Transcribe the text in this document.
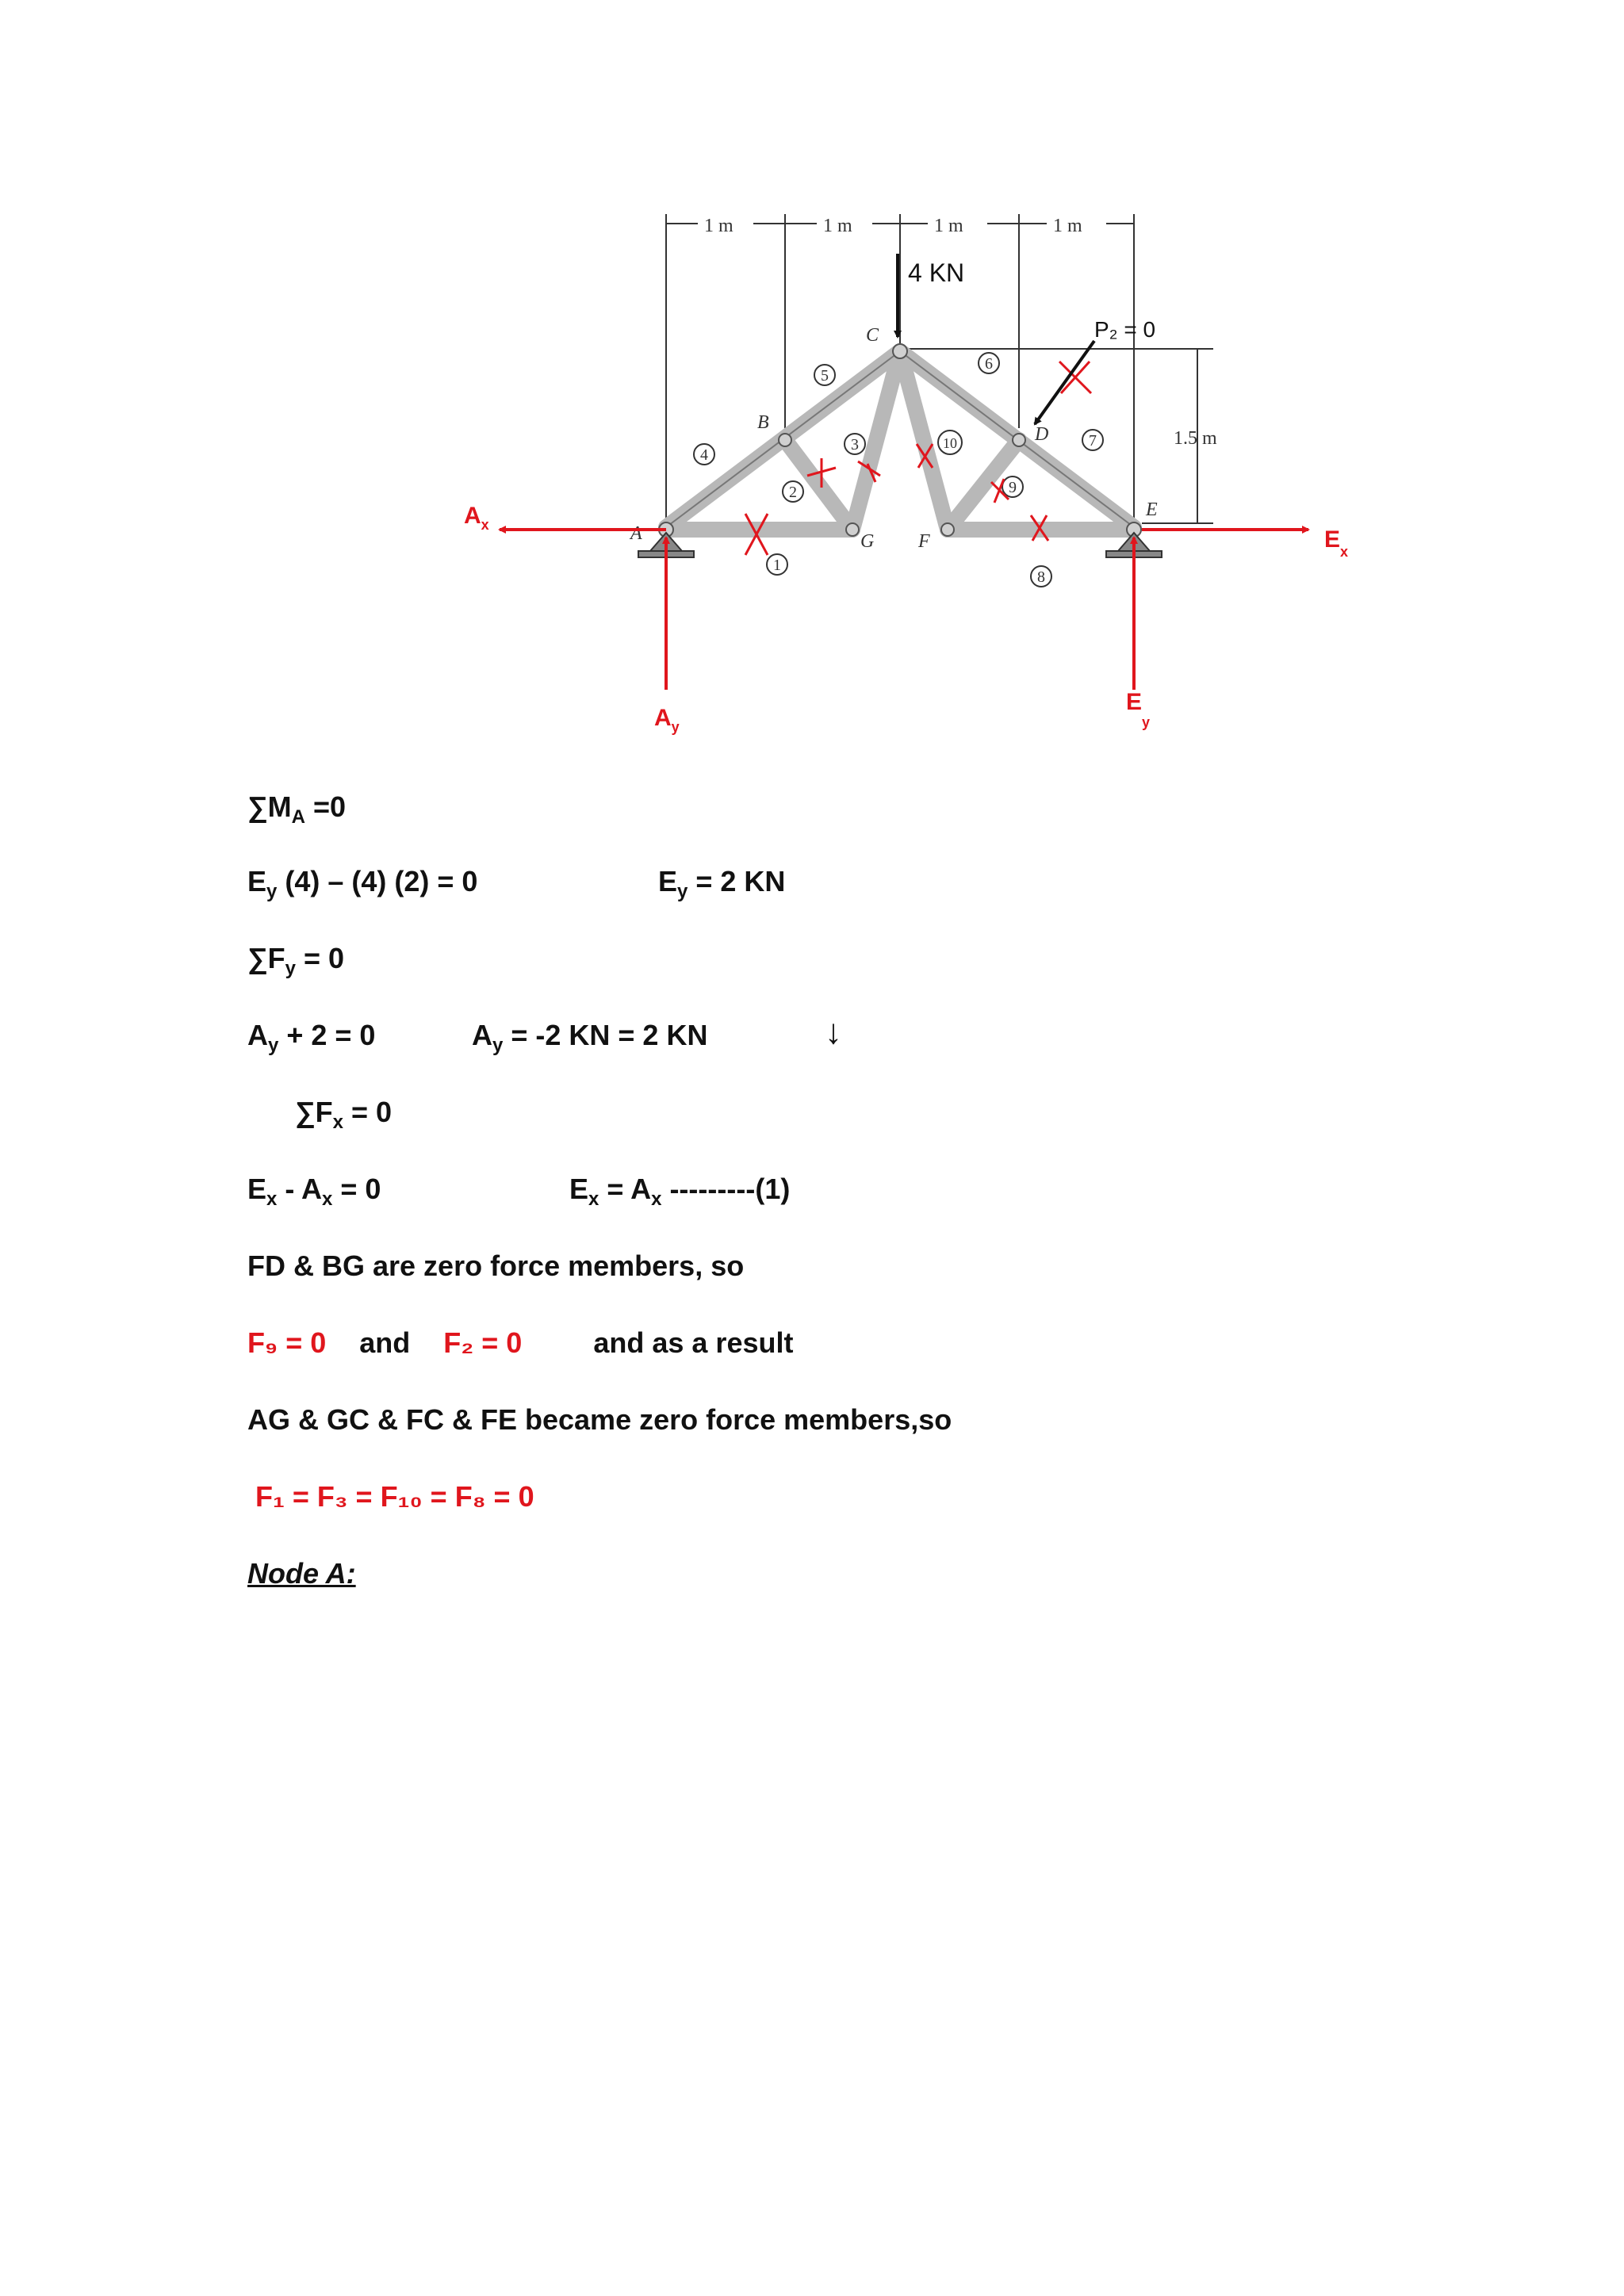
1 m	1 m	1 m	1 m
1.5 m
A
B
C
D
E
F
G
1
2
3
4
5
6
7
8
9
10
4 KN
P₂ = 0
$A_x$
$A_y$
$E_x$
$E_y$
$\sum M_A =0$
$E_y$ (4) – (4) (2) = 0	$E_y = 2$ KN
$\sum F_y = 0$
$A_y + 2 = 0$	$A_y = -2$ KN = 2 KN	↓
$\sum F_x = 0$
$E_x - A_x = 0$	$E_x = A_x$ ---------(1)
FD & BG are zero force members, so
F₉ = 0 and F₂ = 0	and as a result
AG & GC & FC & FE became zero force members,so
F₁ = F₃ = F₁₀ = F₈ = 0
Node A:
